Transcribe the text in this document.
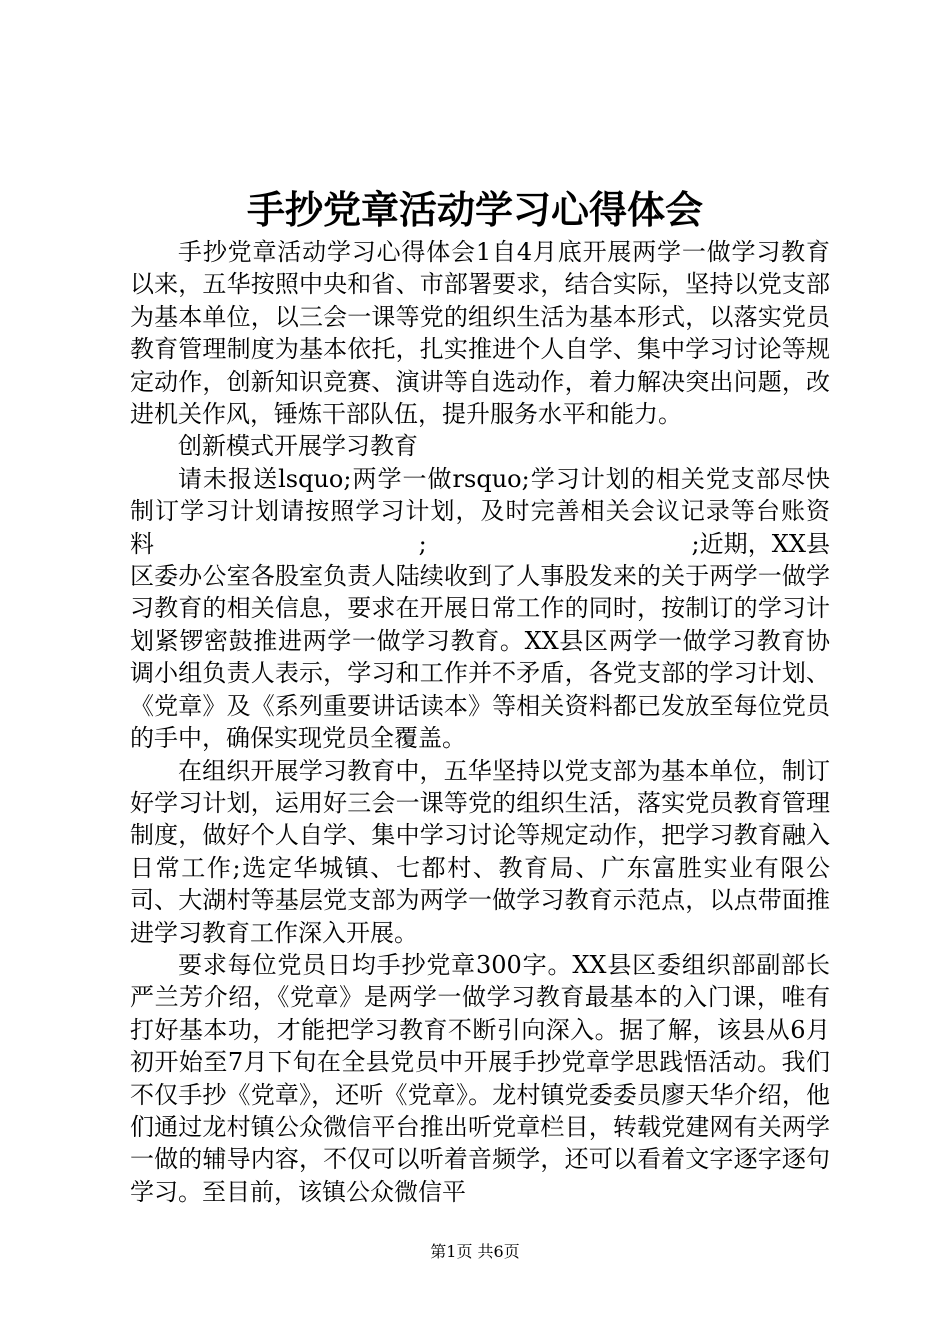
手抄党章活动学习心得体会

手抄党章活动学习心得体会1自4月底开展两学一做学习教育以来，五华按照中央和省、市部署要求，结合实际，坚持以党支部为基本单位，以三会一课等党的组织生活为基本形式，以落实党员教育管理制度为基本依托，扎实推进个人自学、集中学习讨论等规定动作，创新知识竞赛、演讲等自选动作，着力解决突出问题，改进机关作风，锤炼干部队伍，提升服务水平和能力。

创新模式开展学习教育

请未报送lsquo;两学一做rsquo;学习计划的相关党支部尽快制订学习计划请按照学习计划，及时完善相关会议记录等台账资料　　　　　　　　　　　;　　　　　　　　　　　;近期，XX县区委办公室各股室负责人陆续收到了人事股发来的关于两学一做学习教育的相关信息，要求在开展日常工作的同时，按制订的学习计划紧锣密鼓推进两学一做学习教育。XX县区两学一做学习教育协调小组负责人表示，学习和工作并不矛盾，各党支部的学习计划、《党章》及《系列重要讲话读本》等相关资料都已发放至每位党员的手中，确保实现党员全覆盖。

在组织开展学习教育中，五华坚持以党支部为基本单位，制订好学习计划，运用好三会一课等党的组织生活，落实党员教育管理制度，做好个人自学、集中学习讨论等规定动作，把学习教育融入日常工作;选定华城镇、七都村、教育局、广东富胜实业有限公司、大湖村等基层党支部为两学一做学习教育示范点，以点带面推进学习教育工作深入开展。

要求每位党员日均手抄党章300字。XX县区委组织部副部长严兰芳介绍，《党章》是两学一做学习教育最基本的入门课，唯有打好基本功，才能把学习教育不断引向深入。据了解，该县从6月初开始至7月下旬在全县党员中开展手抄党章学思践悟活动。我们不仅手抄《党章》，还听《党章》。龙村镇党委委员廖天华介绍，他们通过龙村镇公众微信平台推出听党章栏目，转载党建网有关两学一做的辅导内容，不仅可以听着音频学，还可以看着文字逐字逐句学习。至目前，该镇公众微信平

第1页 共6页
